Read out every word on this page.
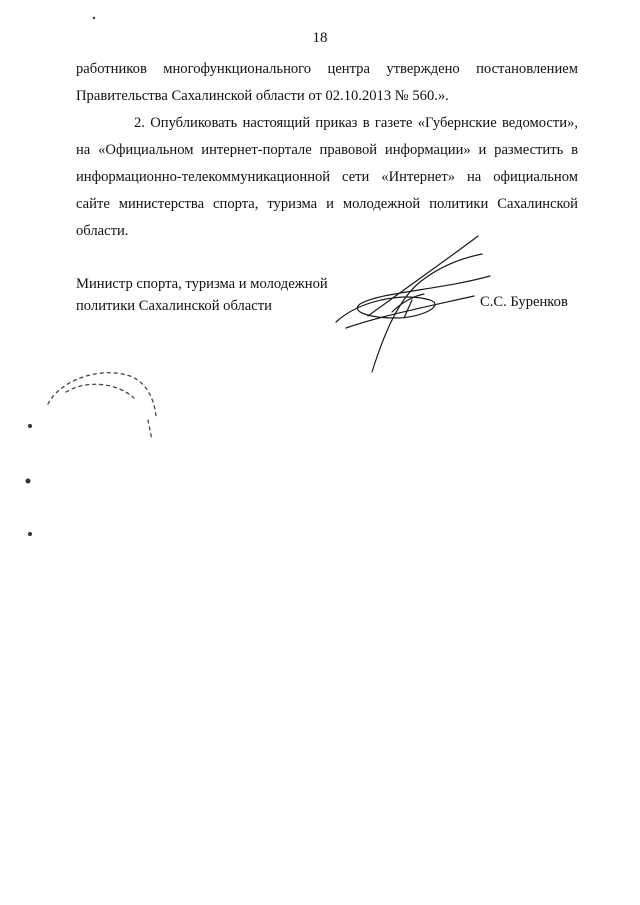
18
работников многофункционального центра утверждено постановлением
Правительства Сахалинской области от 02.10.2013 № 560.».
2. Опубликовать настоящий приказ в газете «Губернские ведомости»,
на «Официальном интернет-портале правовой информации» и разместить в
информационно-телекоммуникационной сети «Интернет» на официальном
сайте министерства спорта, туризма и молодежной политики Сахалинской
области.
Министр спорта, туризма и молодежной
политики Сахалинской области	С.С. Буренков
